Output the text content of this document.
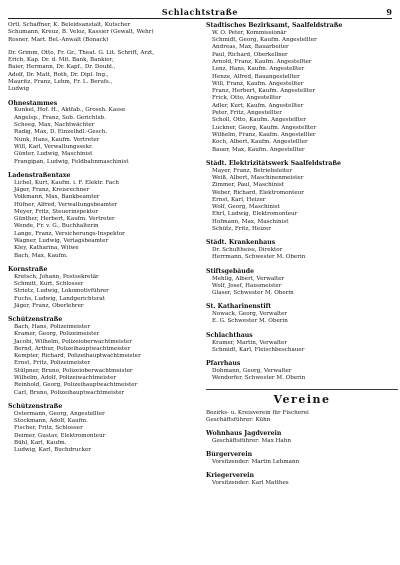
Schlachtstraße	9
Ortl. Schaffner, K. Beleidsanstalt, Kutscher
Schumann, Kreuz, B. Veloz, Kassier (Gewalt, Wehr)
Rosner, Mart. Bel.-Anwalt (Bonack)
Dr. Grimm, Otto, Fr. Gr., Theat. G. Lit. Schrift, Arzt,
Erich, Kap. Dr. d. Mit. Bank, Bankier,
Baier, Hermann, Dr. Kapf., Dr. Doubl.,
Adolf, Dr. Matt, Roth, Dr. Dipl. Ing.,
Mauritz, Franz, Lehm, Fr. L. Berufs.,
Ludwig
Ohnestammes
Kunkel, Hof. H., Aktfab., Grossh. Kasse
Angelsp., Franz, Sob. Gerichtsb.
Scheeg, Max, Nachtwächter
Radig, Max, D. Einzelhdl.-Gesch.
Nunk, Hans, Kaufm. Vertreter
Will, Karl, Verwaltungssekr.
Günter, Ludwig, Maschinist
Frangipan, Ludwig, Feldbahnmaschinist
Ladenstraßentaxe
Lichel, Kurt, Kaufm. i. F. Elektr. Fach
Jäger, Franz, Kreisrechner
Volkmann, Max, Bankbeamter
Hüfner, Alfred, Verwaltungsbeamter
Meyer, Fritz, Steuerinspektor
Günther, Herbert, Kaufm. Vertreter
Wende, Fr. v. G., Buchhalterin
Lange, Franz, Versicherungs-Inspektor
Wagner, Ludwig, Verlagsbeamter
Kley, Katharina, Witwe
Bach, Max, Kaufm.
Kornstraße
Kretsch, Johann, Postsekretär
Schmitt, Kurt, Schlosser
Strietz, Ludwig, Lokomotivführer
Fuchs, Ludwig, Landgerichtsrat
Jäger, Franz, Oberlehrer
Schützenstraße
Bach, Hans, Polizeimeister
Kramer, Georg, Polizeimeister
Jacobi, Wilhelm, Polizeioberwachtmeister
Bernd, Arthur, Polizeihauptwachtmeister
Kempter, Richard, Polizeihauptwachtmeister
Ernst, Fritz, Polizeimeister
Stülpner, Bruno, Polizeioberwachtmeister
Wilhelm, Adolf, Polizeiwachtmeister
Reinhold, Georg, Polizeihauptwachtmeister
Carl, Bruno, Polizeihauptwachtmeister
Schützenstraße
Ostermann, Georg, Angestellter
Stockmann, Adolf, Kaufm.
Fischer, Fritz, Schlosser
Deimer, Gustav, Elektromonteur
Bühl, Karl, Kaufm.
Ludwig, Karl, Buchdrucker
Stadtisches Bezirksamt, Saalfeldstraße
W. O. Peter, Kommissionär
Schmidt, Georg, Kaufm. Angestellter
Andreas, Max, Bauarbeiter
Paul, Richard, Oberkellner
Arnold, Franz, Kaufm. Angestellter
Lenz, Hans, Kaufm. Angestellter
Henze, Alfred, Bauangestellter
Will, Franz, Kaufm. Angestellter
Franz, Herbert, Kaufm. Angestellter
Frick, Otto, Angestellter
Adler, Kurt, Kaufm. Angestellter
Peter, Fritz, Angestellter
Scholl, Otto, Kaufm. Angestellter
Luckner, Georg, Kaufm. Angestellter
Wilhelm, Franz, Kaufm. Angestellter
Koch, Albert, Kaufm. Angestellter
Bauer, Max, Kaufm. Angestellter
Städt. Elektrizitätswerk Saalfeldstraße
Mayer, Franz, Betriebsleiter
Weiß, Albert, Maschinenmeister
Zimmer, Paul, Maschinist
Weber, Richard, Elektromonteur
Ernst, Karl, Heizer
Wolf, Georg, Maschinist
Ehrl, Ludwig, Elektromonteur
Hofmann, Max, Maschinist
Schütz, Fritz, Heizer
Städt. Krankenhaus
Dr. Schultheiss, Direktor
Herrmann, Schwester M. Oberin
Stiftsgebäude
Mehlig, Albert, Verwalter
Wolf, Josef, Hausmeister
Glaser, Schwester M. Oberin
St. Katharinenstift
Nowack, Georg, Verwalter
E. G. Schwester M. Oberin
Schlachthaus
Kramer, Martin, Verwalter
Schmidt, Karl, Fleischbeschauer
Pfarrhaus
Dohmann, Georg, Verwalter
Wendorfer, Schwester M. Oberin
Vereine
Bezirks- u. Kreisverein für Fischerei
Geschäftsführer: Kühn
Wohnhaus Jagdverein
Geschäftsführer: Max Hahn
Bürgerverein
Vorsitzender: Martin Lehmann
Kriegerverein
Vorsitzender: Karl Matthes
